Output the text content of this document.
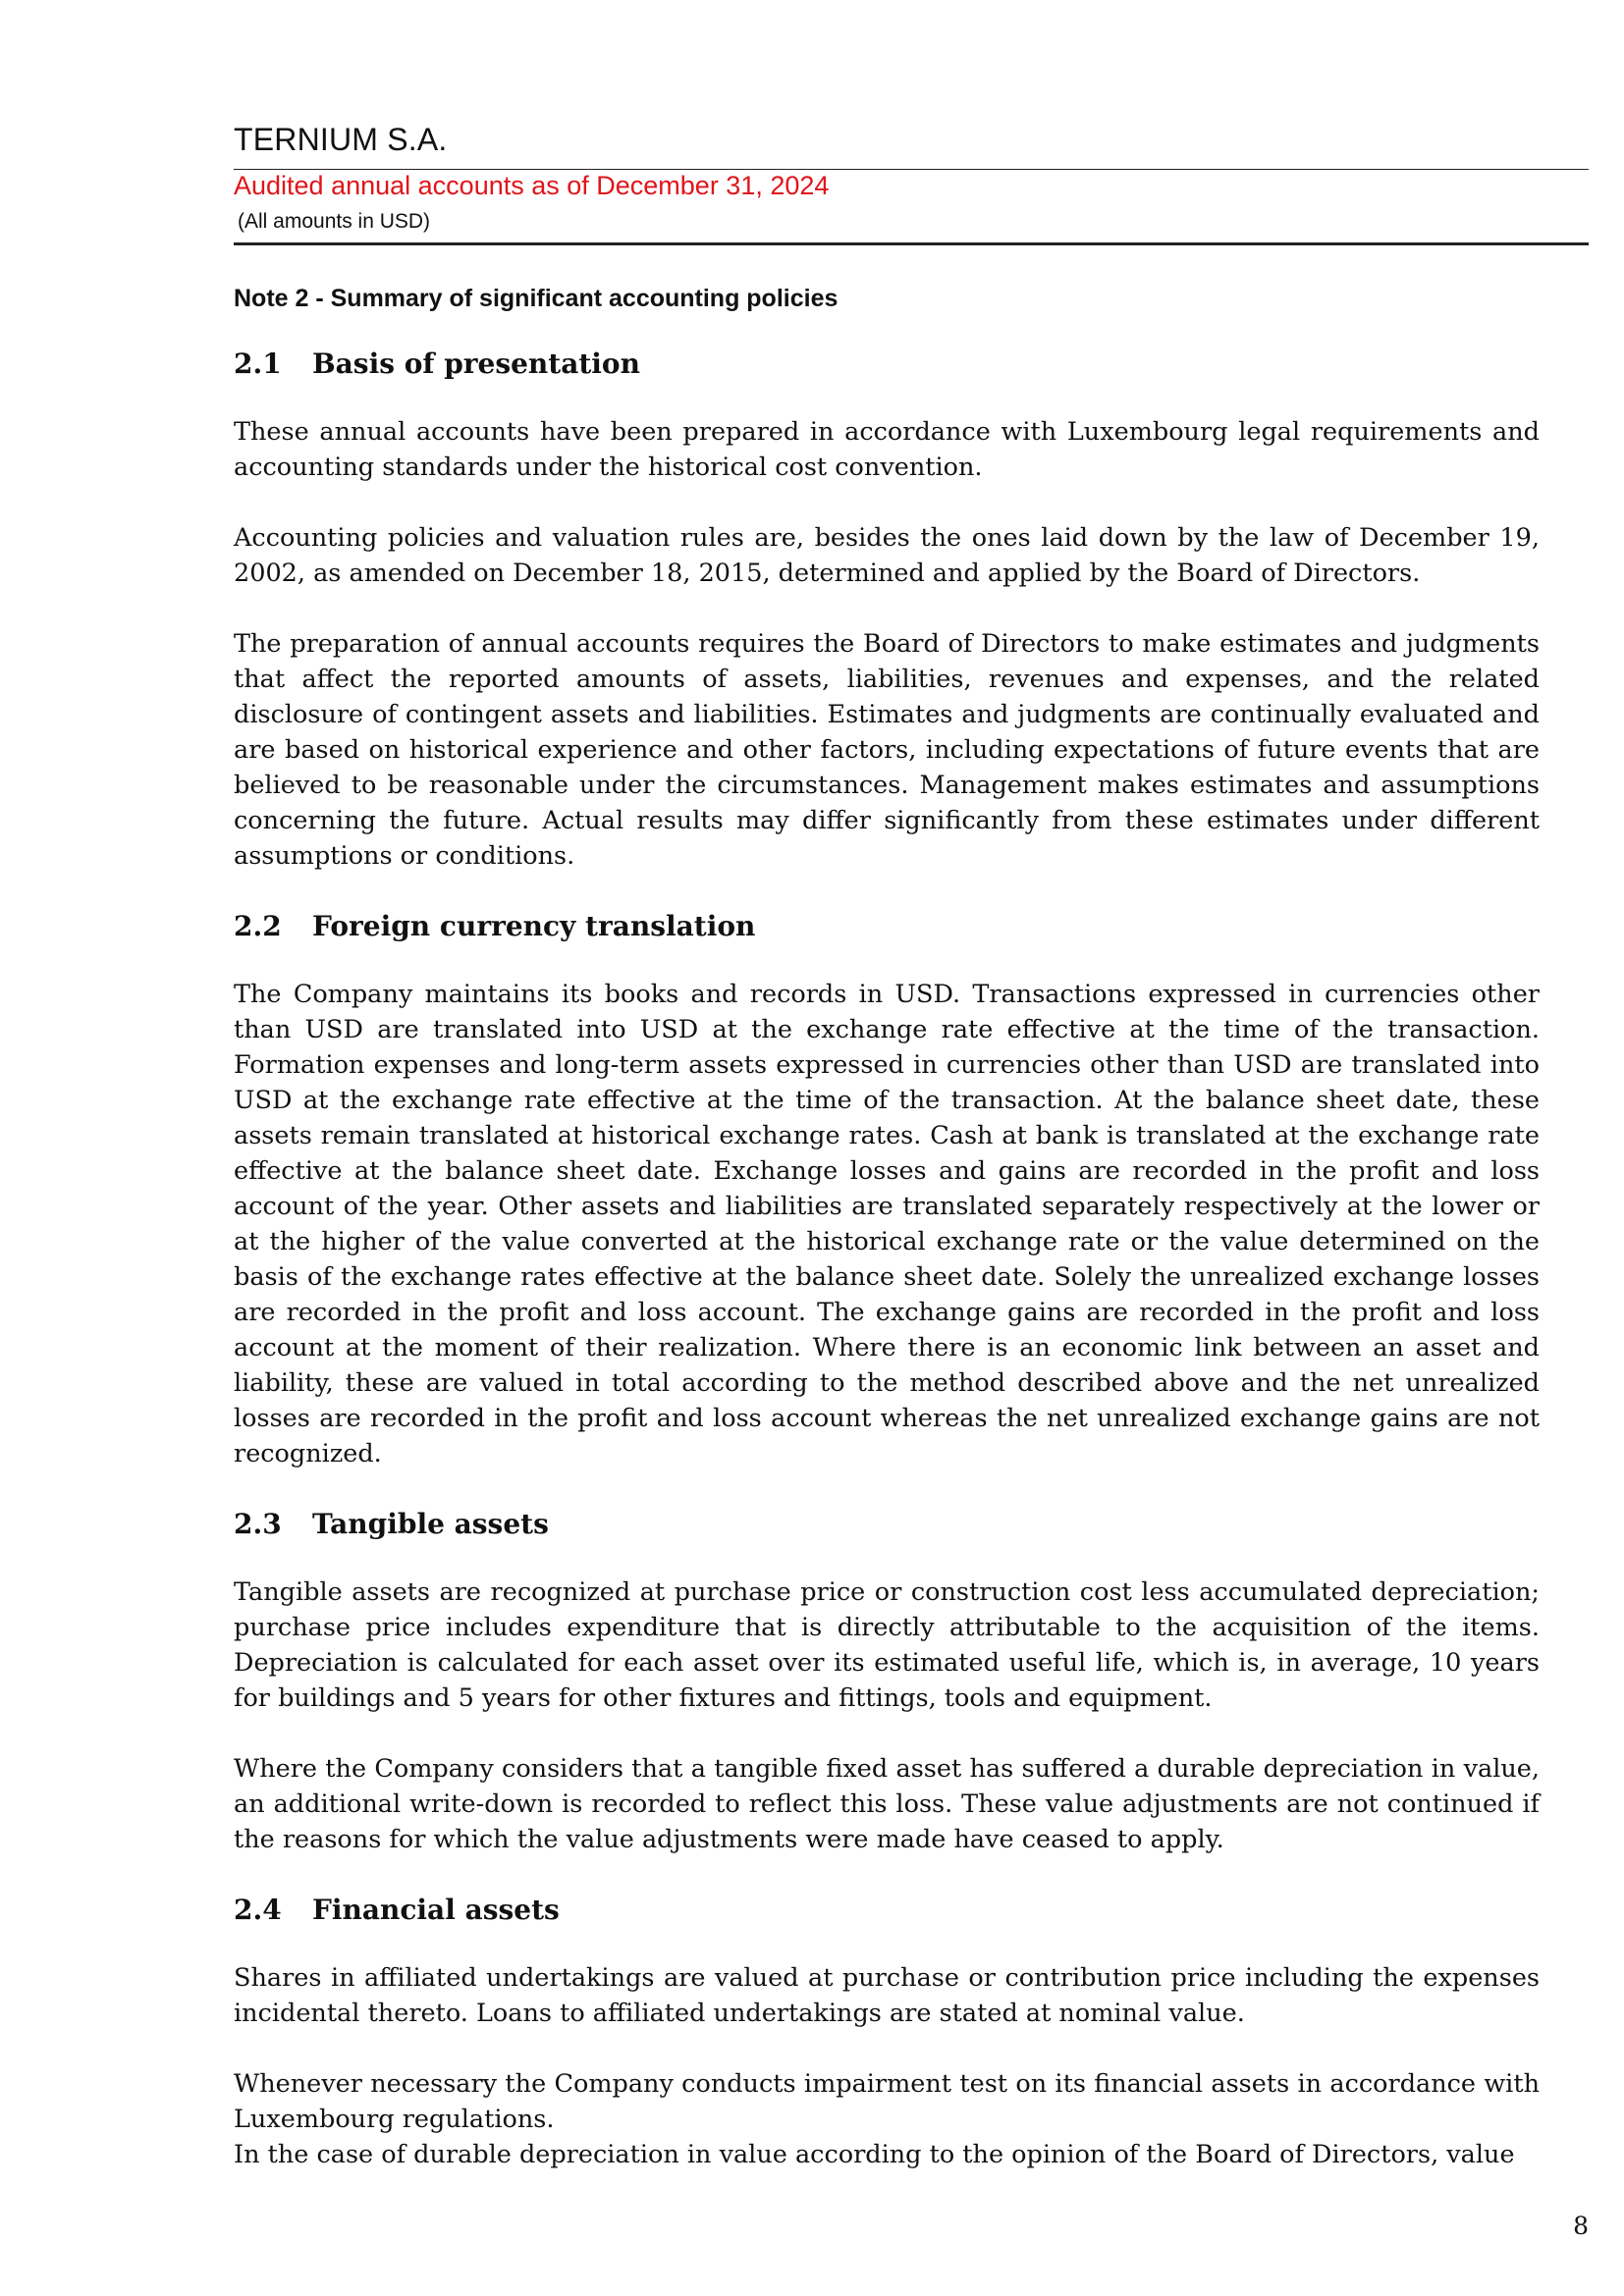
TERNIUM S.A.
Audited annual accounts as of December 31, 2024
(All amounts in USD)
Note 2 - Summary of significant accounting policies
2.1 Basis of presentation

These annual accounts have been prepared in accordance with Luxembourg legal requirements and accounting standards under the historical cost convention.

Accounting policies and valuation rules are, besides the ones laid down by the law of December 19, 2002, as amended on December 18, 2015, determined and applied by the Board of Directors.

The preparation of annual accounts requires the Board of Directors to make estimates and judgments that affect the reported amounts of assets, liabilities, revenues and expenses, and the related disclosure of contingent assets and liabilities. Estimates and judgments are continually evaluated and are based on historical experience and other factors, including expectations of future events that are believed to be reasonable under the circumstances. Management makes estimates and assumptions concerning the future. Actual results may differ significantly from these estimates under different assumptions or conditions.

2.2 Foreign currency translation

The Company maintains its books and records in USD. Transactions expressed in currencies other than USD are translated into USD at the exchange rate effective at the time of the transaction. Formation expenses and long-term assets expressed in currencies other than USD are translated into USD at the exchange rate effective at the time of the transaction. At the balance sheet date, these assets remain translated at historical exchange rates. Cash at bank is translated at the exchange rate effective at the balance sheet date. Exchange losses and gains are recorded in the profit and loss account of the year. Other assets and liabilities are translated separately respectively at the lower or at the higher of the value converted at the historical exchange rate or the value determined on the basis of the exchange rates effective at the balance sheet date. Solely the unrealized exchange losses are recorded in the profit and loss account. The exchange gains are recorded in the profit and loss account at the moment of their realization. Where there is an economic link between an asset and liability, these are valued in total according to the method described above and the net unrealized losses are recorded in the profit and loss account whereas the net unrealized exchange gains are not recognized.

2.3 Tangible assets

Tangible assets are recognized at purchase price or construction cost less accumulated depreciation; purchase price includes expenditure that is directly attributable to the acquisition of the items. Depreciation is calculated for each asset over its estimated useful life, which is, in average, 10 years for buildings and 5 years for other fixtures and fittings, tools and equipment.

Where the Company considers that a tangible fixed asset has suffered a durable depreciation in value, an additional write-down is recorded to reflect this loss. These value adjustments are not continued if the reasons for which the value adjustments were made have ceased to apply.

2.4 Financial assets

Shares in affiliated undertakings are valued at purchase or contribution price including the expenses incidental thereto. Loans to affiliated undertakings are stated at nominal value.

Whenever necessary the Company conducts impairment test on its financial assets in accordance with Luxembourg regulations.

In the case of durable depreciation in value according to the opinion of the Board of Directors, value

8
